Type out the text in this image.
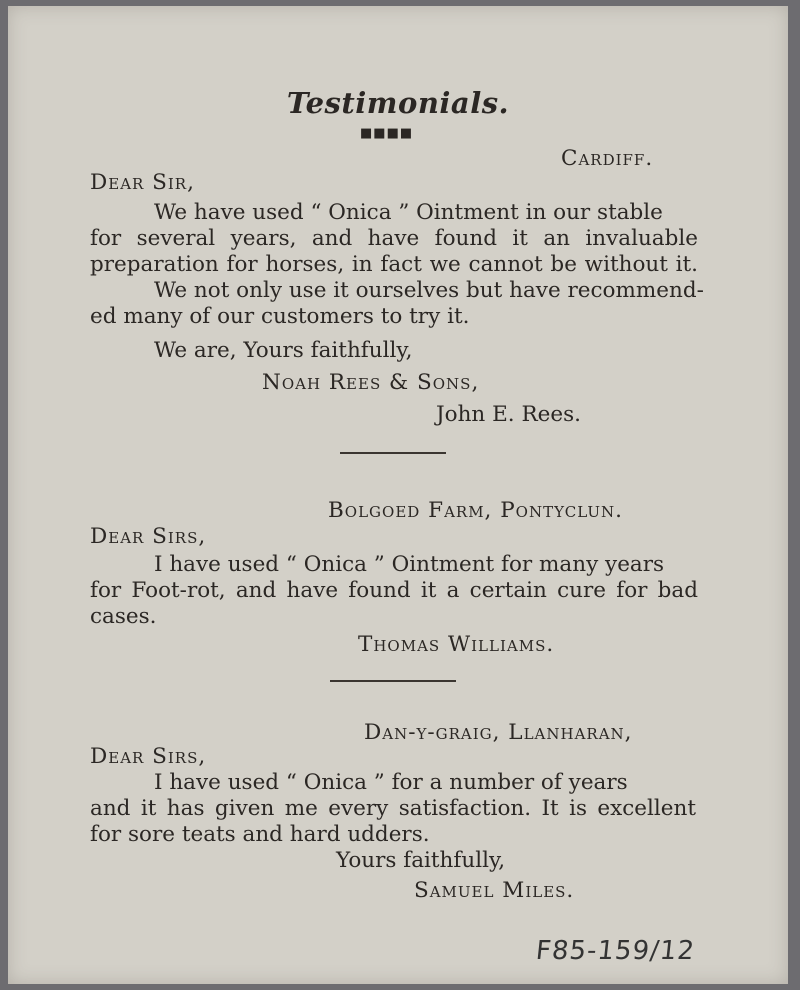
Testimonials.
■■■■
Cardiff.
Dear Sir,
We have used “ Onica ” Ointment in our stable
for several years, and have found it an invaluable
preparation for horses, in fact we cannot be without it.
We not only use it ourselves but have recommend-
ed many of our customers to try it.
We are, Yours faithfully,
Noah Rees & Sons,
John E. Rees.
Bolgoed Farm, Pontyclun.
Dear Sirs,
I have used “ Onica ” Ointment for many years
for Foot-rot, and have found it a certain cure for bad
cases.
Thomas Williams.
Dan-y-graig, Llanharan,
Dear Sirs,
I have used “ Onica ” for a number of years
and it has given me every satisfaction. It is excellent
for sore teats and hard udders.
Yours faithfully,
Samuel Miles.
F85-159/12
